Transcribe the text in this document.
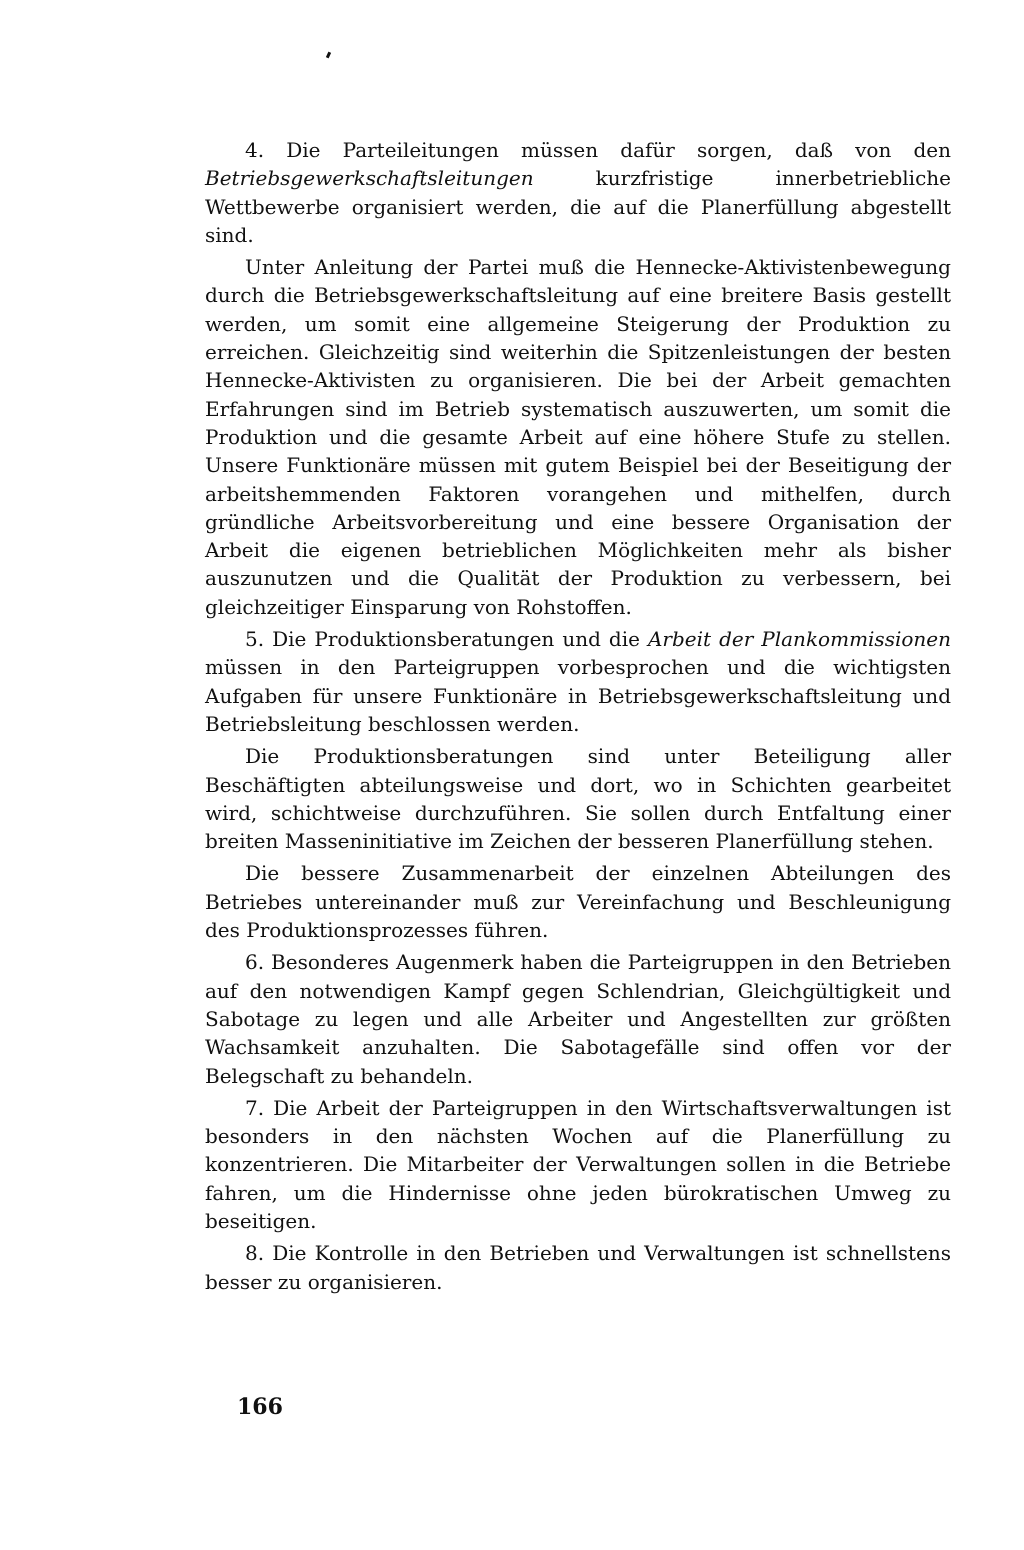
4. Die Parteileitungen müssen dafür sorgen, daß von den Betriebsgewerkschaftsleitungen kurzfristige innerbetriebliche Wettbewerbe organisiert werden, die auf die Planerfüllung abgestellt sind.

Unter Anleitung der Partei muß die Hennecke-Aktivistenbewegung durch die Betriebsgewerkschaftsleitung auf eine breitere Basis gestellt werden, um somit eine allgemeine Steigerung der Produktion zu erreichen. Gleichzeitig sind weiterhin die Spitzenleistungen der besten Hennecke-Aktivisten zu organisieren. Die bei der Arbeit gemachten Erfahrungen sind im Betrieb systematisch auszuwerten, um somit die Produktion und die gesamte Arbeit auf eine höhere Stufe zu stellen. Unsere Funktionäre müssen mit gutem Beispiel bei der Beseitigung der arbeitshemmenden Faktoren vorangehen und mithelfen, durch gründliche Arbeitsvorbereitung und eine bessere Organisation der Arbeit die eigenen betrieblichen Möglichkeiten mehr als bisher auszunutzen und die Qualität der Produktion zu verbessern, bei gleichzeitiger Einsparung von Rohstoffen.

5. Die Produktionsberatungen und die Arbeit der Plankommissionen müssen in den Parteigruppen vorbesprochen und die wichtigsten Aufgaben für unsere Funktionäre in Betriebsgewerkschaftsleitung und Betriebsleitung beschlossen werden.

Die Produktionsberatungen sind unter Beteiligung aller Beschäftigten abteilungsweise und dort, wo in Schichten gearbeitet wird, schichtweise durchzuführen. Sie sollen durch Entfaltung einer breiten Masseninitiative im Zeichen der besseren Planerfüllung stehen.

Die bessere Zusammenarbeit der einzelnen Abteilungen des Betriebes untereinander muß zur Vereinfachung und Beschleunigung des Produktionsprozesses führen.

6. Besonderes Augenmerk haben die Parteigruppen in den Betrieben auf den notwendigen Kampf gegen Schlendrian, Gleichgültigkeit und Sabotage zu legen und alle Arbeiter und Angestellten zur größten Wachsamkeit anzuhalten. Die Sabotagefälle sind offen vor der Belegschaft zu behandeln.

7. Die Arbeit der Parteigruppen in den Wirtschaftsverwaltungen ist besonders in den nächsten Wochen auf die Planerfüllung zu konzentrieren. Die Mitarbeiter der Verwaltungen sollen in die Betriebe fahren, um die Hindernisse ohne jeden bürokratischen Umweg zu beseitigen.

8. Die Kontrolle in den Betrieben und Verwaltungen ist schnellstens besser zu organisieren.

166
